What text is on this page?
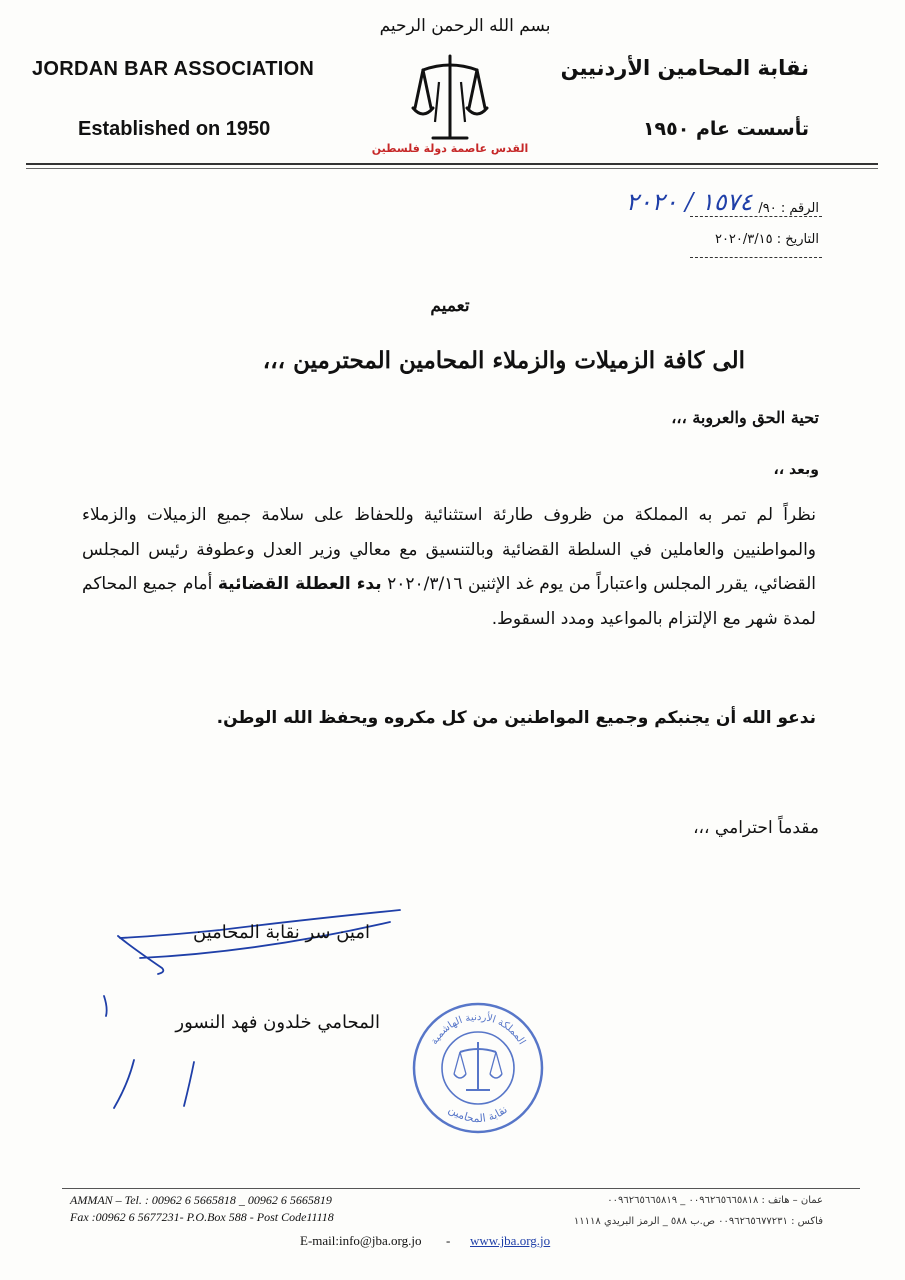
JORDAN BAR ASSOCIATION
Established on 1950
نقابة المحامين الأردنيين
تأسست عام ١٩٥٠
بسم الله الرحمن الرحيم
القدس عاصمة دولة فلسطين
الرقم : ٩٠/
١٥٧٤ / ٢٠٢٠
التاريخ : ٢٠٢٠/٣/١٥
تعميم
الى كافة الزميلات والزملاء المحامين المحترمين ،،،
تحية الحق والعروبة ،،،
وبعد ،،
نظراً لم تمر به المملكة من ظروف طارئة استثنائية وللحفاظ على سلامة جميع الزميلات والزملاء والمواطنيين والعاملين في السلطة القضائية وبالتنسيق مع معالي وزير العدل وعطوفة رئيس المجلس القضائي، يقرر المجلس واعتباراً من يوم غد الإثنين ٢٠٢٠/٣/١٦ بدء العطلة القضائية أمام جميع المحاكم لمدة شهر مع الإلتزام بالمواعيد ومدد السقوط.
ندعو الله أن يجنبكم وجميع المواطنين من كل مكروه ويحفظ الله الوطن.
مقدماً احترامي ،،،
امين سر نقابة المحامين
المحامي خلدون فهد النسور
المملكة الأردنية الهاشمية
نقابة المحامين
AMMAN – Tel. : 00962 6 5665818 _ 00962 6 5665819
Fax :00962 6 5677231- P.O.Box 588 - Post Code11118
عمان – هاتف : ٠٠٩٦٢٦٥٦٦٥٨١٨ _ ٠٠٩٦٢٦٥٦٦٥٨١٩
فاكس : ٠٠٩٦٢٦٥٦٧٧٢٣١ ص.ب ٥٨٨ _ الرمز البريدي ١١١١٨
E-mail:info@jba.org.jo - www.jba.org.jo
